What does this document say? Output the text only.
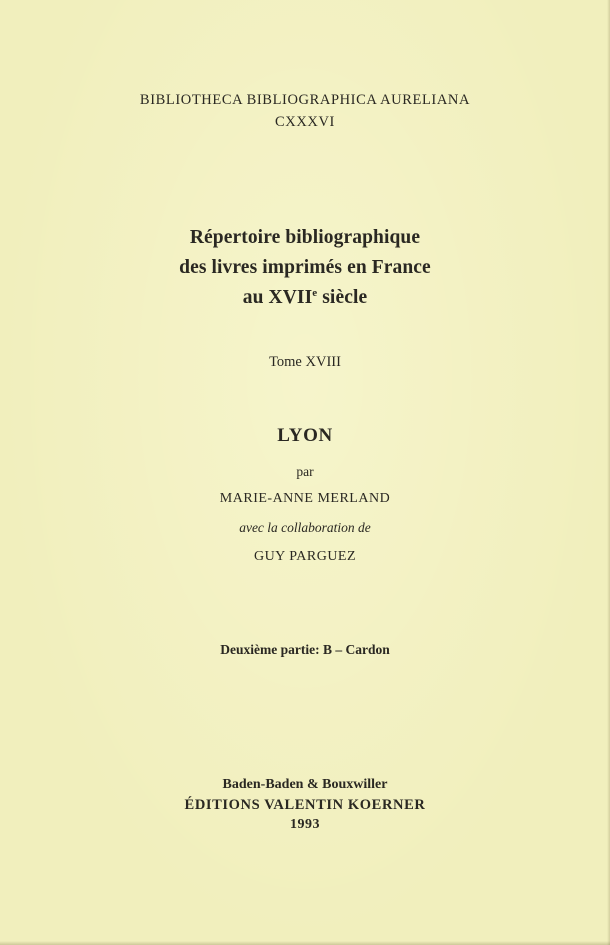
BIBLIOTHECA BIBLIOGRAPHICA AURELIANA
CXXXVI
Répertoire bibliographique
des livres imprimés en France
au XVIIe siècle
Tome XVIII
LYON
par
MARIE-ANNE MERLAND
avec la collaboration de
GUY PARGUEZ
Deuxième partie: B – Cardon
Baden-Baden & Bouxwiller
ÉDITIONS VALENTIN KOERNER
1993
